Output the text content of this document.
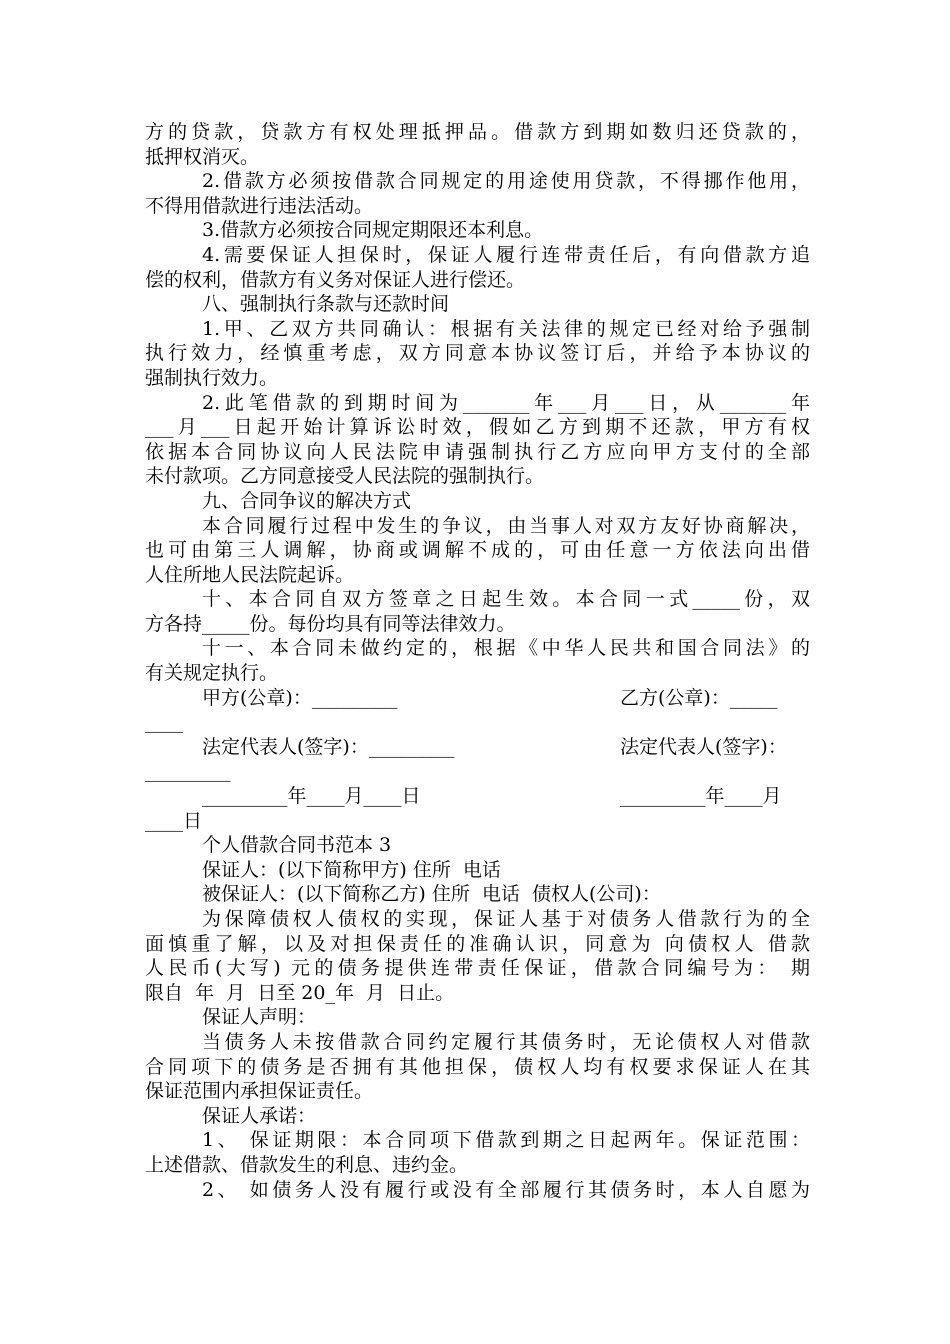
方的贷款，贷款方有权处理抵押品。借款方到期如数归还贷款的，
抵押权消灭。
2.借款方必须按借款合同规定的用途使用贷款，不得挪作他用，
不得用借款进行违法活动。
3.借款方必须按合同规定期限还本利息。
4.需要保证人担保时，保证人履行连带责任后，有向借款方追
偿的权利，借款方有义务对保证人进行偿还。
八、强制执行条款与还款时间
1.甲、乙双方共同确认：根据有关法律的规定已经对给予强制
执行效力，经慎重考虑，双方同意本协议签订后，并给予本协议的
强制执行效力。
2.此笔借款的到期时间为_______年___月___日，从_______年
___月___日起开始计算诉讼时效，假如乙方到期不还款，甲方有权
依据本合同协议向人民法院申请强制执行乙方应向甲方支付的全部
未付款项。乙方同意接受人民法院的强制执行。
九、合同争议的解决方式
本合同履行过程中发生的争议，由当事人对双方友好协商解决，
也可由第三人调解，协商或调解不成的，可由任意一方依法向出借
人住所地人民法院起诉。
十、本合同自双方签章之日起生效。本合同一式_____份，双
方各持_____份。每份均具有同等法律效力。
十一、本合同未做约定的，根据《中华人民共和国合同法》的
有关规定执行。

甲方(公章)：_________

	乙方(公章)：_____

____

法定代表人(签字)：_________

	法定代表人(签字)：

_________

_________年____月____日

	_________年____月

____日
个人借款合同书范本 3
保证人：(以下简称甲方) 住所  电话
被保证人：(以下简称乙方) 住所  电话  债权人(公司)：
为保障债权人债权的实现，保证人基于对债务人借款行为的全
面慎重了解，以及对担保责任的准确认识，同意为 向债权人 借款
人民币(大写) 元的债务提供连带责任保证，借款合同编号为： 期
限自  年  月  日至 20_年  月  日止。
保证人声明：
当债务人未按借款合同约定履行其债务时，无论债权人对借款
合同项下的债务是否拥有其他担保，债权人均有权要求保证人在其
保证范围内承担保证责任。
保证人承诺：
1、 保证期限：本合同项下借款到期之日起两年。保证范围：
上述借款、借款发生的利息、违约金。
2、 如债务人没有履行或没有全部履行其债务时，本人自愿为
